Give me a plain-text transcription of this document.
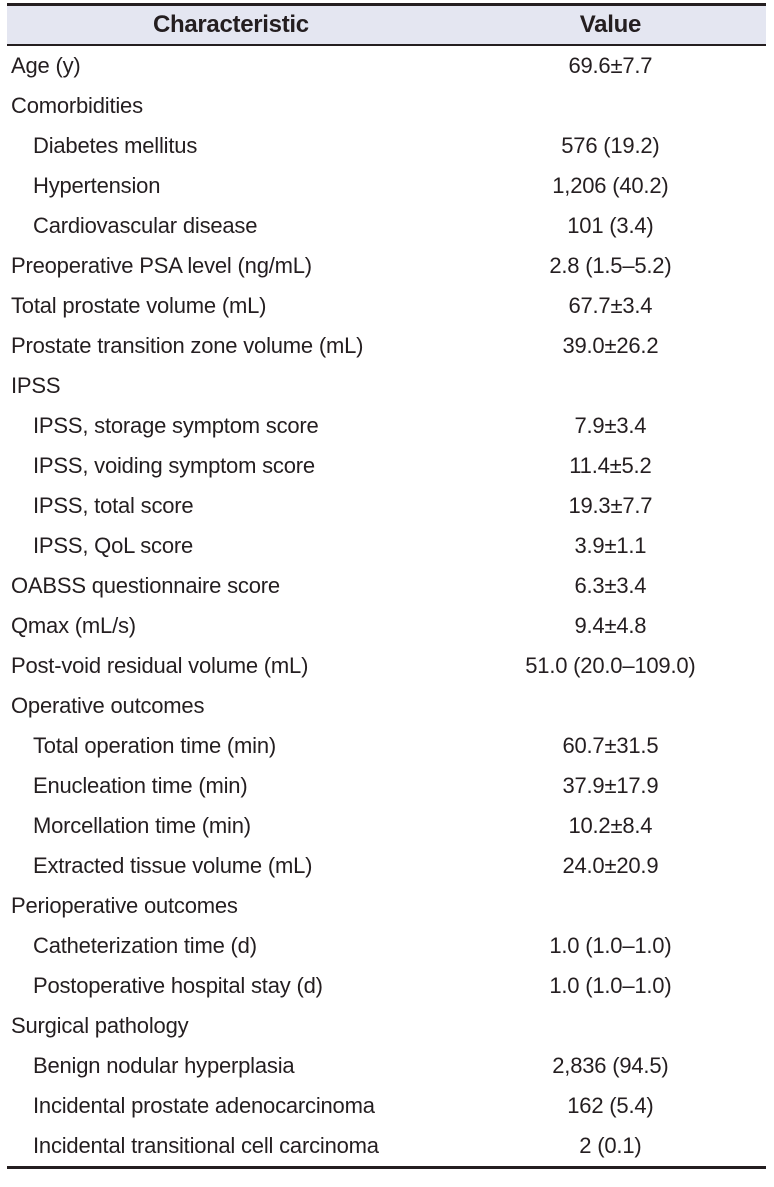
Characteristic	Value
Age (y)	69.6±7.7
Comorbidities	
Diabetes mellitus	576 (19.2)
Hypertension	1,206 (40.2)
Cardiovascular disease	101 (3.4)
Preoperative PSA level (ng/mL)	2.8 (1.5–5.2)
Total prostate volume (mL)	67.7±3.4
Prostate transition zone volume (mL)	39.0±26.2
IPSS	
IPSS, storage symptom score	7.9±3.4
IPSS, voiding symptom score	11.4±5.2
IPSS, total score	19.3±7.7
IPSS, QoL score	3.9±1.1
OABSS questionnaire score	6.3±3.4
Qmax (mL/s)	9.4±4.8
Post-void residual volume (mL)	51.0 (20.0–109.0)
Operative outcomes	
Total operation time (min)	60.7±31.5
Enucleation time (min)	37.9±17.9
Morcellation time (min)	10.2±8.4
Extracted tissue volume (mL)	24.0±20.9
Perioperative outcomes	
Catheterization time (d)	1.0 (1.0–1.0)
Postoperative hospital stay (d)	1.0 (1.0–1.0)
Surgical pathology	
Benign nodular hyperplasia	2,836 (94.5)
Incidental prostate adenocarcinoma	162 (5.4)
Incidental transitional cell carcinoma	2 (0.1)
